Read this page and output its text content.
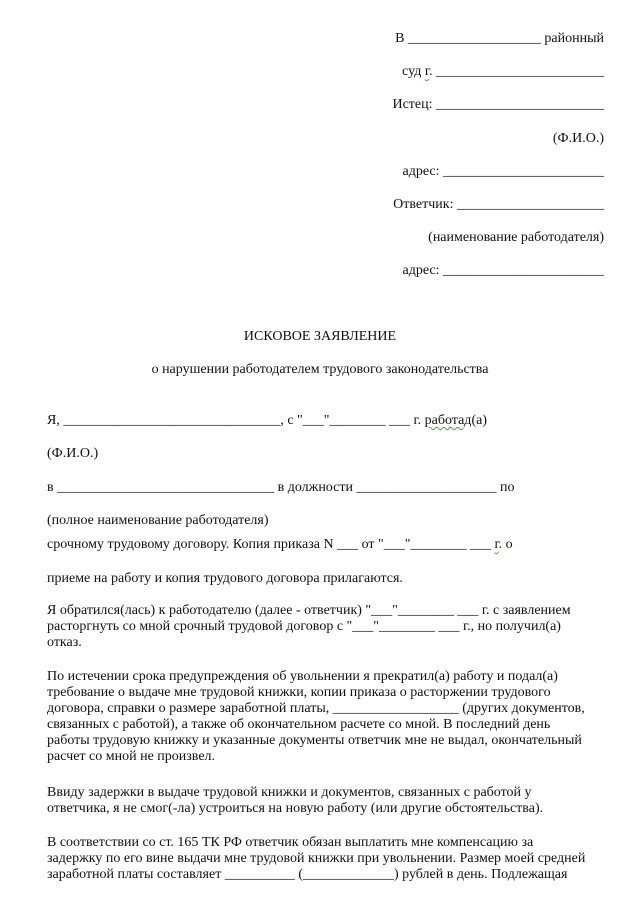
В ___________________ районный
суд г. ________________________
Истец: ________________________
(Ф.И.О.)
адрес: _______________________
Ответчик: _____________________
(наименование работодателя)
адрес: _______________________
ИСКОВОЕ ЗАЯВЛЕНИЕ
о нарушении работодателем трудового законодательства
Я, _______________________________, с "___"________ ___ г. работад(а)
(Ф.И.О.)
в _______________________________ в должности ____________________ по
(полное наименование работодателя)
срочному трудовому договору. Копия приказа N ___ от "___"________ ___ г. о
приеме на работу и копия трудового договора прилагаются.

Я обратился(лась) к работодателю (далее - ответчик) "___"________ ___ г. с заявлением расторгнуть со мной срочный трудовой договор с "___"________ ___ г., но получил(а) отказ.

По истечении срока предупреждения об увольнении я прекратил(а) работу и подал(а) требование о выдаче мне трудовой книжки, копии приказа о расторжении трудового договора, справки о размере заработной платы, __________________ (других документов, связанных с работой), а также об окончательном расчете со мной. В последний день работы трудовую книжку и указанные документы ответчик мне не выдал, окончательный расчет со мной не произвел.

Ввиду задержки в выдаче трудовой книжки и документов, связанных с работой у ответчика, я не смог(-ла) устроиться на новую работу (или другие обстоятельства).

В соответствии со ст. 165 ТК РФ ответчик обязан выплатить мне компенсацию за задержку по его вине выдачи мне трудовой книжки при увольнении. Размер моей средней заработной платы составляет __________ (_____________) рублей в день. Подлежащая
